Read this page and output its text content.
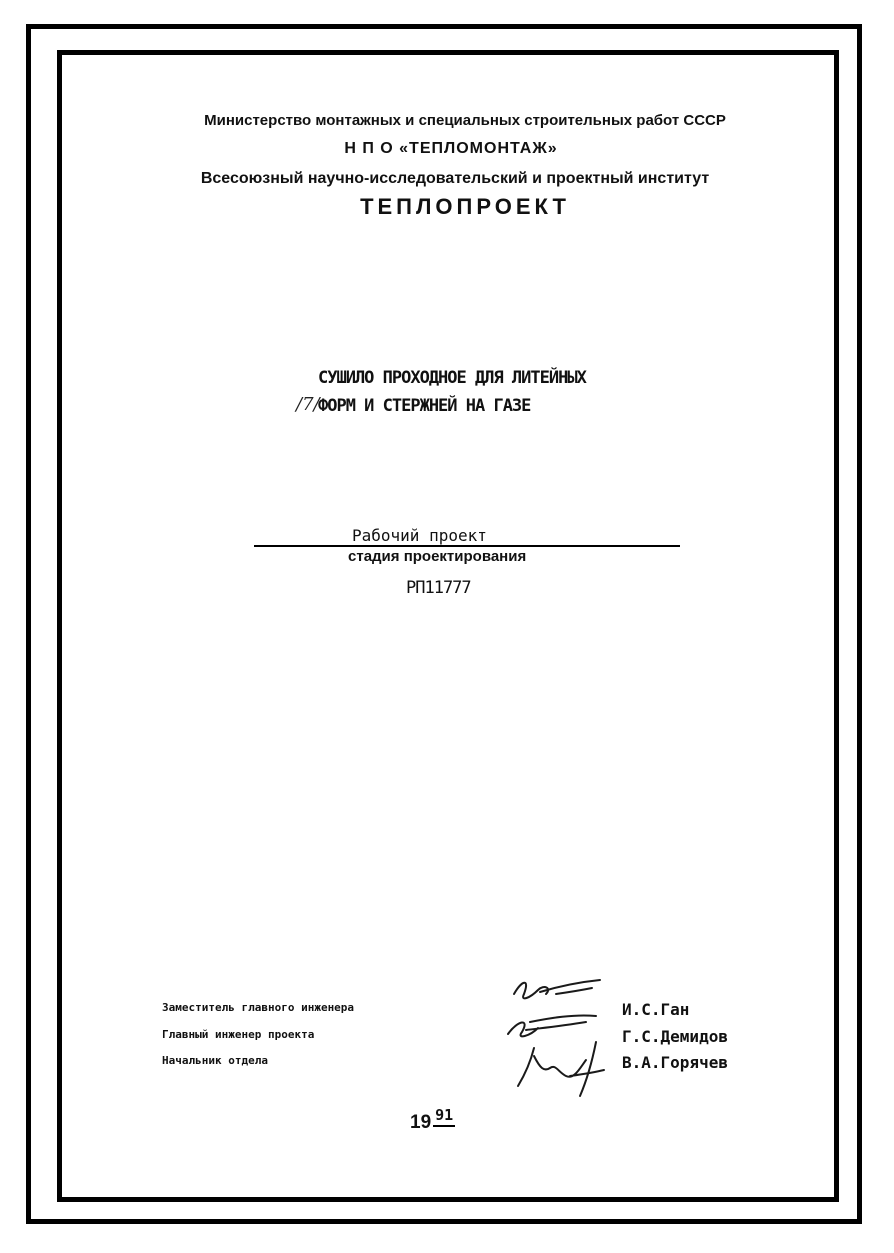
Министерство монтажных и специальных строительных работ СССР
Н П О «ТЕПЛОМОНТАЖ»
Всесоюзный научно-исследовательский и проектный институт
ТЕПЛОПРОЕКТ
СУШИЛО ПРОХОДНОЕ ДЛЯ ЛИТЕЙНЫХ
/7/
ФОРМ И СТЕРЖНЕЙ НА ГАЗЕ
Рабочий проект
стадия проектирования
РП11777
Заместитель главного инженера
Главный инженер проекта
Начальник отдела
И.С.Ган
Г.С.Демидов
В.А.Горячев
19 91
